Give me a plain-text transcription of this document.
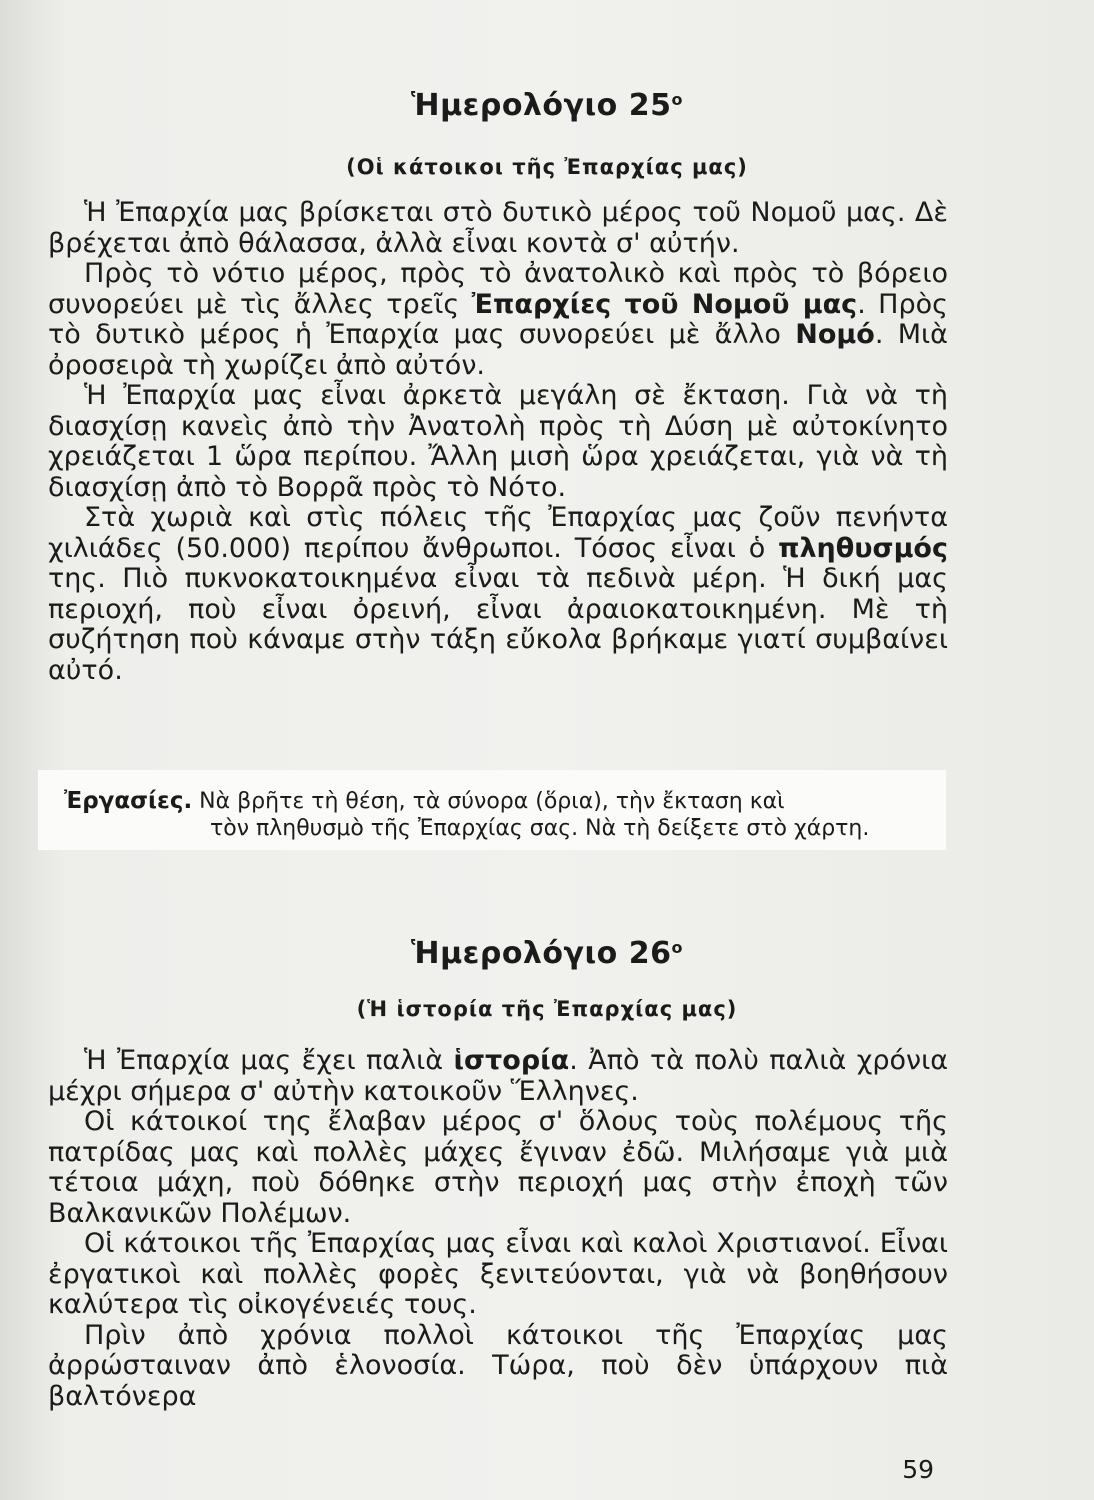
Ἡμερολόγιο $25^o$
(Οἱ κάτοικοι τῆς Ἐπαρχίας μας)

Ἡ Ἐπαρχία μας βρίσκεται στὸ δυτικὸ μέρος τοῦ Νομοῦ μας. Δὲ βρέχεται ἀπὸ θάλασσα, ἀλλὰ εἶναι κοντὰ σ' αὐτήν.

Πρὸς τὸ νότιο μέρος, πρὸς τὸ ἀνατολικὸ καὶ πρὸς τὸ βόρειο συνορεύει μὲ τὶς ἄλλες τρεῖς Ἐπαρχίες τοῦ Νομοῦ μας. Πρὸς τὸ δυτικὸ μέρος ἡ Ἐπαρχία μας συνορεύει μὲ ἄλλο Νομό. Μιὰ ὀροσειρὰ τὴ χωρίζει ἀπὸ αὐτόν.

Ἡ Ἐπαρχία μας εἶναι ἀρκετὰ μεγάλη σὲ ἔκταση. Γιὰ νὰ τὴ διασχίσῃ κανεὶς ἀπὸ τὴν Ἀνατολὴ πρὸς τὴ Δύση μὲ αὐτοκίνητο χρειάζεται 1 ὥρα περίπου. Ἄλλη μισὴ ὥρα χρειάζεται, γιὰ νὰ τὴ διασχίσῃ ἀπὸ τὸ Βορρᾶ πρὸς τὸ Νότο.

Στὰ χωριὰ καὶ στὶς πόλεις τῆς Ἐπαρχίας μας ζοῦν πενήντα χιλιάδες (50.000) περίπου ἄνθρωποι. Τόσος εἶναι ὁ πληθυσμός της. Πιὸ πυκνοκατοικημένα εἶναι τὰ πεδινὰ μέρη. Ἡ δική μας περιοχή, ποὺ εἶναι ὀρεινή, εἶναι ἀραιοκατοικημένη. Μὲ τὴ συζήτηση ποὺ κάναμε στὴν τάξη εὔκολα βρήκαμε γιατί συμβαίνει αὐτό.

Ἐργασίες. Νὰ βρῆτε τὴ θέση, τὰ σύνορα (ὅρια), τὴν ἔκταση καὶ
τὸν πληθυσμὸ τῆς Ἐπαρχίας σας. Νὰ τὴ δείξετε στὸ χάρτη.
Ἡμερολόγιο $26^o$
(Ἡ ἱστορία τῆς Ἐπαρχίας μας)

Ἡ Ἐπαρχία μας ἔχει παλιὰ ἱστορία. Ἀπὸ τὰ πολὺ παλιὰ χρόνια μέχρι σήμερα σ' αὐτὴν κατοικοῦν Ἕλληνες.

Οἱ κάτοικοί της ἔλαβαν μέρος σ' ὅλους τοὺς πολέμους τῆς πατρίδας μας καὶ πολλὲς μάχες ἔγιναν ἐδῶ. Μιλήσαμε γιὰ μιὰ τέτοια μάχη, ποὺ δόθηκε στὴν περιοχή μας στὴν ἐποχὴ τῶν Βαλκανικῶν Πολέμων.

Οἱ κάτοικοι τῆς Ἐπαρχίας μας εἶναι καὶ καλοὶ Χριστιανοί. Εἶναι ἐργατικοὶ καὶ πολλὲς φορὲς ξενιτεύονται, γιὰ νὰ βοηθήσουν καλύτερα τὶς οἰκογένειές τους.

Πρὶν ἀπὸ χρόνια πολλοὶ κάτοικοι τῆς Ἐπαρχίας μας ἀρρώσταιναν ἀπὸ ἑλονοσία. Τώρα, ποὺ δὲν ὑπάρχουν πιὰ βαλτόνερα

59
